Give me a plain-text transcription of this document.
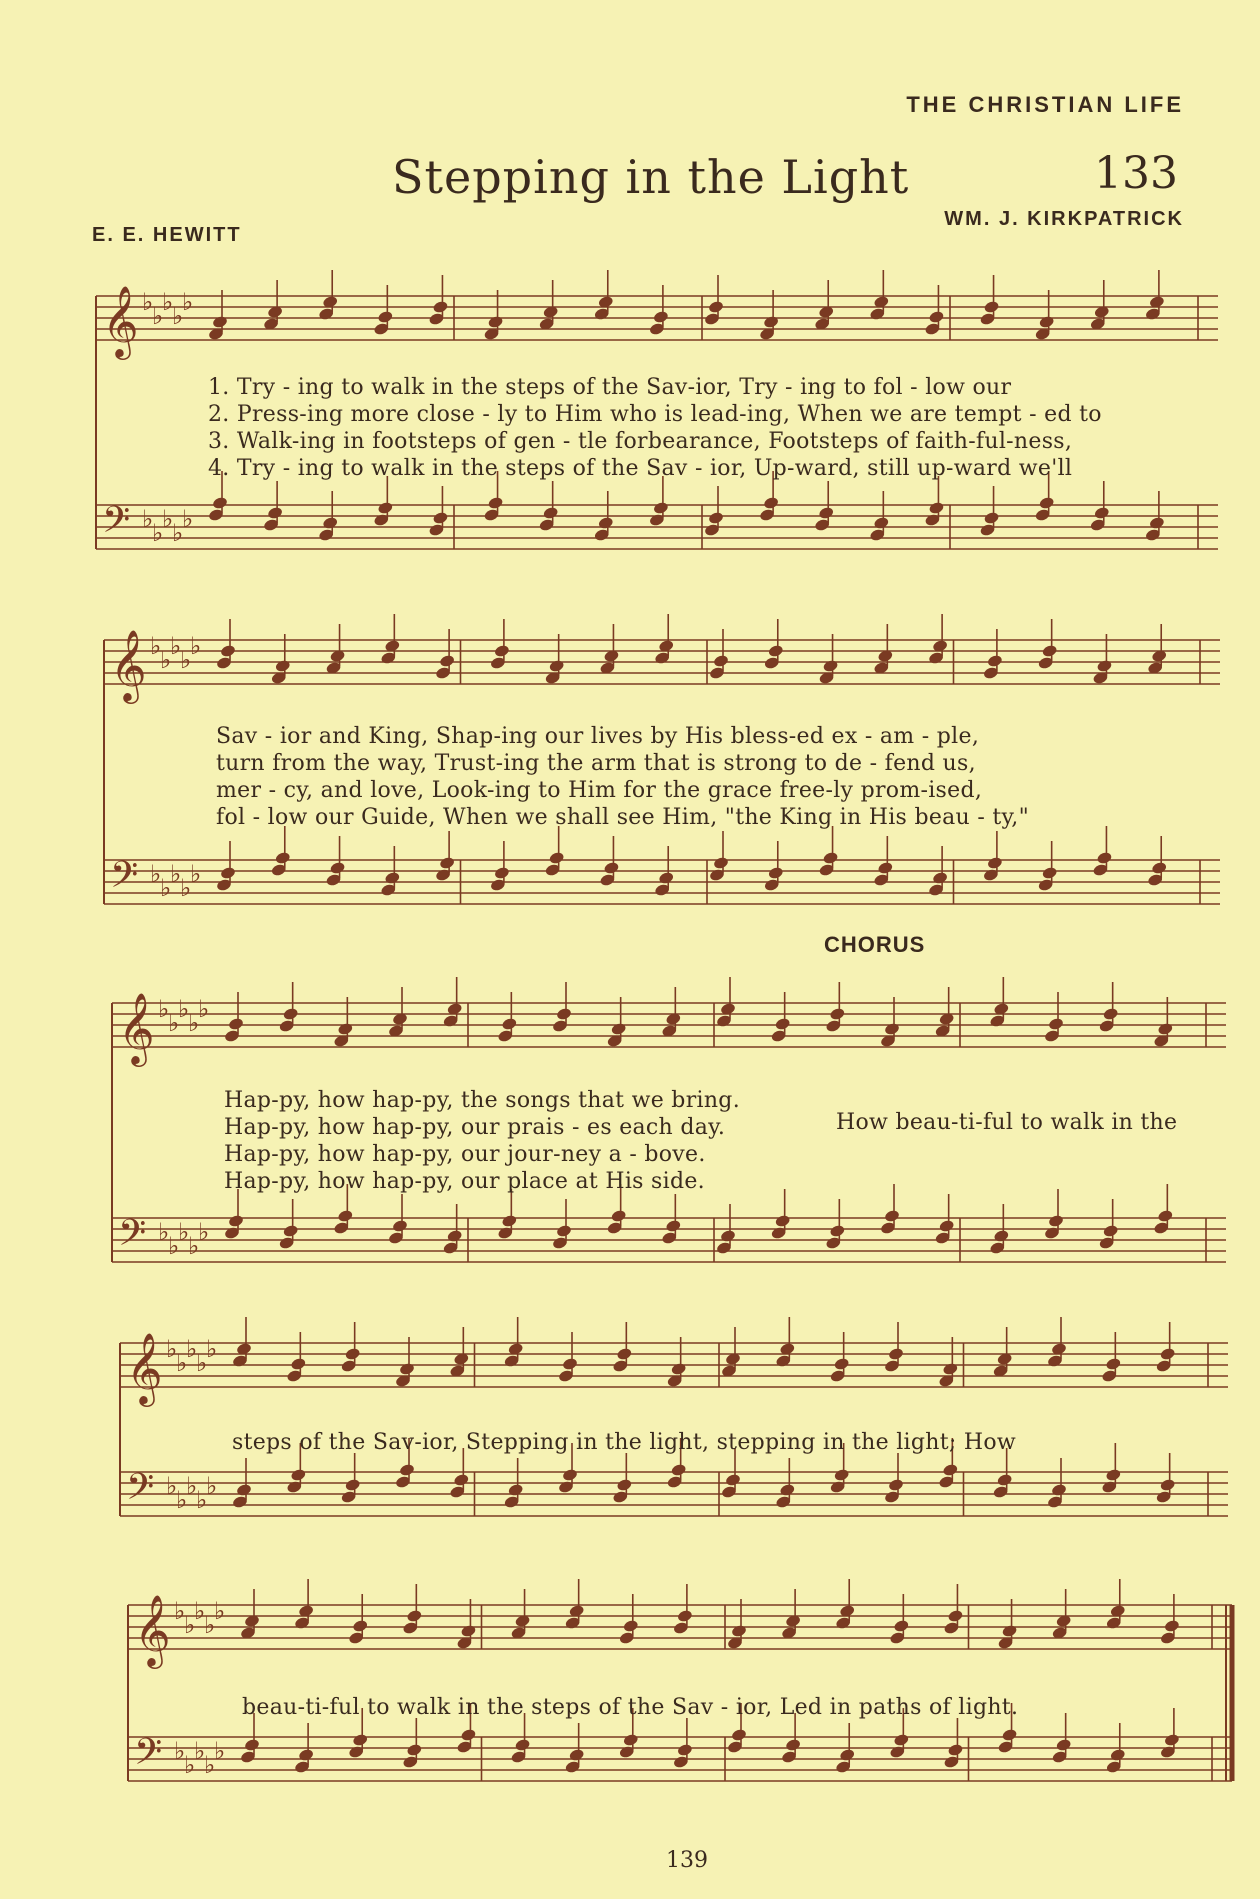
THE CHRISTIAN LIFE
Stepping in the Light	133
E. E. HEWITT
WM. J. KIRKPATRICK
𝄞 ♭
♭
♭
♭
♭
𝄢 ♭
♭
♭
♭
♭
𝄞 ♭
♭
♭
♭
♭
𝄢 ♭
♭
♭
♭
♭
𝄞 ♭
♭
♭
♭
♭
𝄢 ♭
♭
♭
♭
♭
𝄞 ♭
♭
♭
♭
♭
𝄢 ♭
♭
♭
♭
♭
𝄞 ♭
♭
♭
♭
♭
𝄢 ♭
♭
♭
♭
♭
1. Try - ing to walk in the steps of the Sav-ior, Try - ing to fol - low our
2. Press-ing more close - ly to Him who is lead-ing, When we are tempt - ed to
3. Walk-ing in footsteps of gen - tle forbearance, Footsteps of faith-ful-ness,
4. Try - ing to walk in the steps of the Sav - ior, Up-ward, still up-ward we'll
Sav - ior and King, Shap-ing our lives by His bless-ed ex - am - ple,
turn from the way, Trust-ing the arm that is strong to de - fend us,
mer - cy, and love, Look-ing to Him for the grace free-ly prom-ised,
fol - low our Guide, When we shall see Him, "the King in His beau - ty,"
CHORUS
Hap-py, how hap-py, the songs that we bring.
Hap-py, how hap-py, our prais - es each day.
Hap-py, how hap-py, our jour-ney a - bove.
Hap-py, how hap-py, our place at His side.
How beau-ti-ful to walk in the
steps of the Sav-ior, Stepping in the light, stepping in the light; How
beau-ti-ful to walk in the steps of the Sav - ior, Led in paths of light.
139
